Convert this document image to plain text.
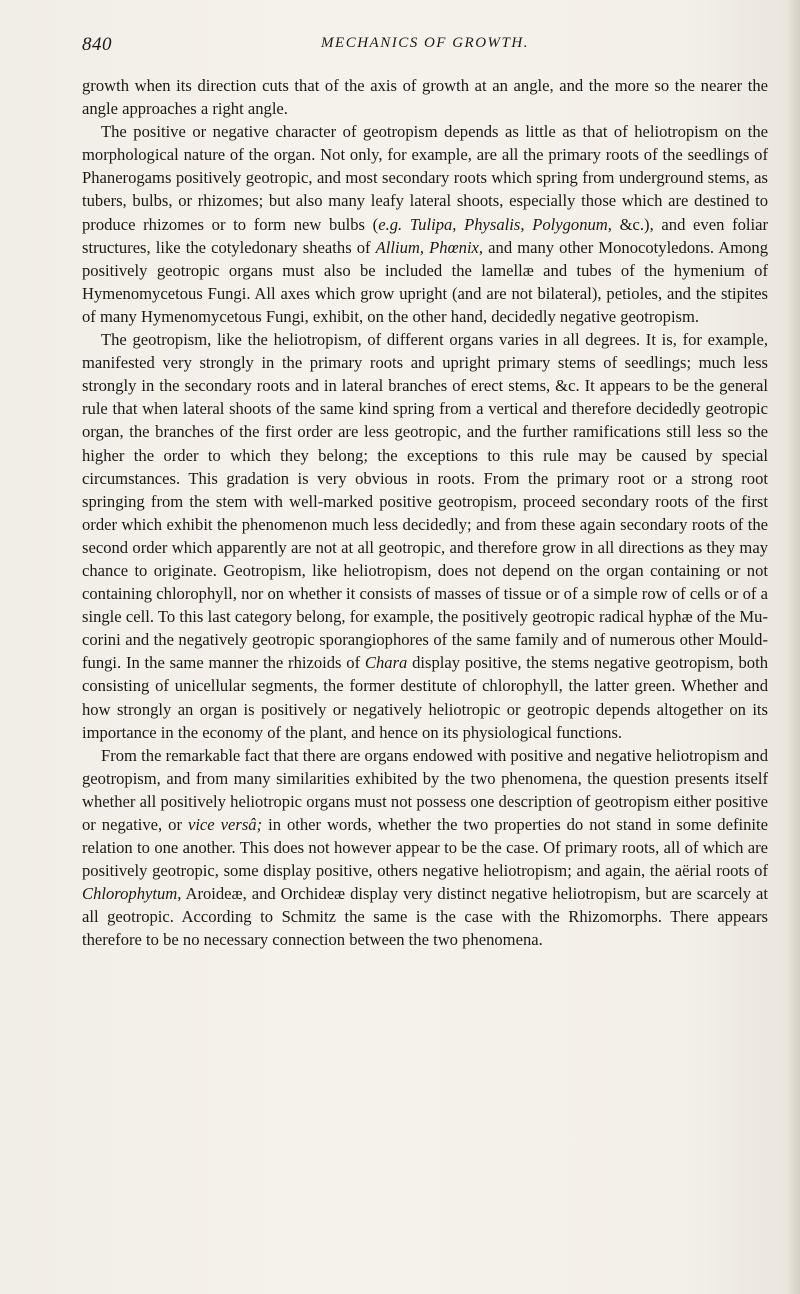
840	MECHANICS OF GROWTH.

growth when its direction cuts that of the axis of growth at an angle, and the more so the nearer the angle approaches a right angle.

The positive or negative character of geotropism depends as little as that of heliotropism on the morphological nature of the organ. Not only, for example, are all the primary roots of the seedlings of Phanerogams positively geotropic, and most secondary roots which spring from underground stems, as tubers, bulbs, or rhizomes; but also many leafy lateral shoots, especially those which are destined to produce rhizomes or to form new bulbs (e.g. Tulipa, Physalis, Polygonum, &c.), and even foliar structures, like the cotyledonary sheaths of Allium, Phœnix, and many other Monocotyledons. Among positively geotropic organs must also be included the lamellæ and tubes of the hymenium of Hymenomycetous Fungi. All axes which grow upright (and are not bilateral), petioles, and the stipites of many Hymenomycetous Fungi, exhibit, on the other hand, decidedly negative geotropism.

The geotropism, like the heliotropism, of different organs varies in all degrees. It is, for example, manifested very strongly in the primary roots and upright primary stems of seedlings; much less strongly in the secondary roots and in lateral branches of erect stems, &c. It appears to be the general rule that when lateral shoots of the same kind spring from a vertical and therefore decidedly geotropic organ, the branches of the first order are less geotropic, and the further ramifications still less so the higher the order to which they belong; the exceptions to this rule may be caused by special circumstances. This gradation is very obvious in roots. From the primary root or a strong root springing from the stem with well-marked positive geotropism, proceed secondary roots of the first order which exhibit the phenomenon much less decidedly; and from these again secondary roots of the second order which apparently are not at all geotropic, and therefore grow in all directions as they may chance to originate. Geotropism, like heliotropism, does not depend on the organ containing or not containing chlorophyll, nor on whether it consists of masses of tissue or of a simple row of cells or of a single cell. To this last category belong, for example, the positively geotropic radical hyphæ of the Mu- corini and the negatively geotropic sporangiophores of the same family and of numerous other Mould-fungi. In the same manner the rhizoids of Chara display positive, the stems negative geotropism, both consisting of unicellular segments, the former destitute of chlorophyll, the latter green. Whether and how strongly an organ is positively or negatively heliotropic or geotropic depends altogether on its importance in the economy of the plant, and hence on its physiological functions.

From the remarkable fact that there are organs endowed with positive and negative heliotropism and geotropism, and from many similarities exhibited by the two phenomena, the question presents itself whether all positively heliotropic organs must not possess one description of geotropism either positive or negative, or vice versâ; in other words, whether the two properties do not stand in some definite relation to one another. This does not however appear to be the case. Of primary roots, all of which are positively geotropic, some display positive, others negative heliotropism; and again, the aërial roots of Chlorophytum, Aroideæ, and Orchideæ display very distinct negative heliotropism, but are scarcely at all geotropic. According to Schmitz the same is the case with the Rhizomorphs. There appears therefore to be no necessary connection between the two phenomena.
